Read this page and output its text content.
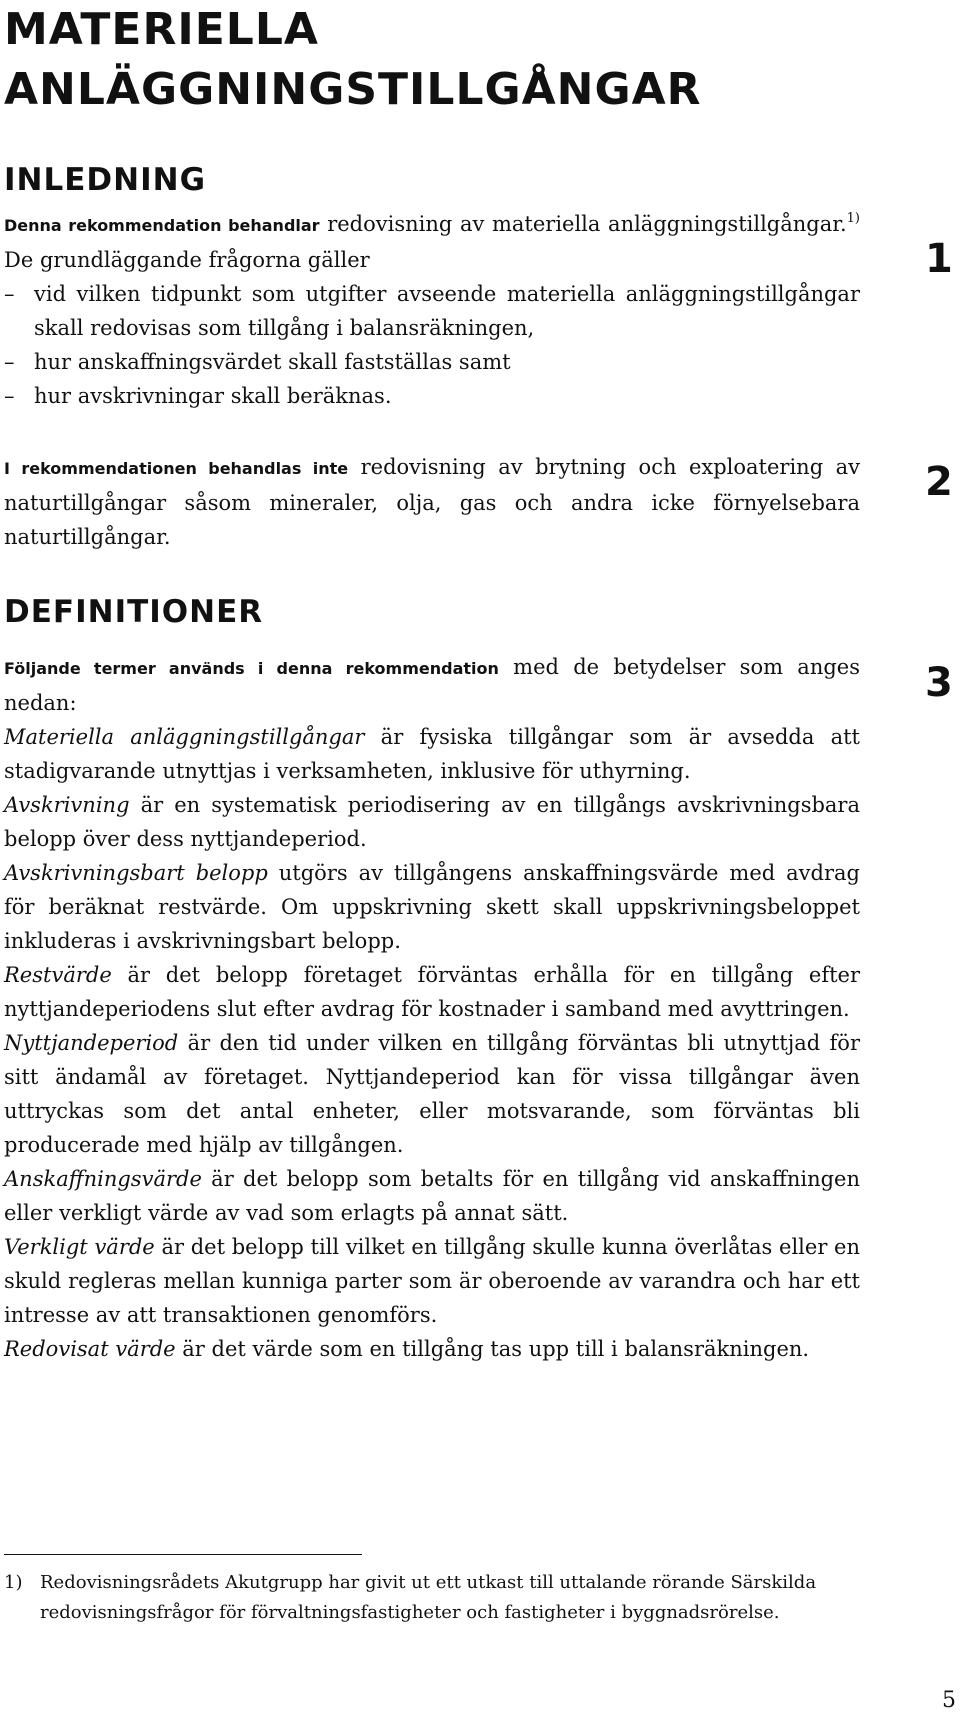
MATERIELLA
ANLÄGGNINGSTILLGÅNGAR
INLEDNING
Denna rekommendation behandlar redovisning av materiella anläggningstillgångar.$^{1)}$ De grundläggande frågorna gäller
– vid vilken tidpunkt som utgifter avseende materiella anläggningstillgångar skall redovisas som tillgång i balansräkningen,
– hur anskaffningsvärdet skall fastställas samt
– hur avskrivningar skall beräknas.
I rekommendationen behandlas inte redovisning av brytning och exploatering av naturtillgångar såsom mineraler, olja, gas och andra icke förnyelsebara naturtillgångar.
DEFINITIONER
Följande termer används i denna rekommendation med de betydelser som anges nedan:
Materiella anläggningstillgångar är fysiska tillgångar som är avsedda att stadigvarande utnyttjas i verksamheten, inklusive för uthyrning.
Avskrivning är en systematisk periodisering av en tillgångs avskrivningsbara belopp över dess nyttjandeperiod.
Avskrivningsbart belopp utgörs av tillgångens anskaffningsvärde med avdrag för beräknat restvärde. Om uppskrivning skett skall uppskrivningsbeloppet inkluderas i avskrivningsbart belopp.
Restvärde är det belopp företaget förväntas erhålla för en tillgång efter nyttjandeperiodens slut efter avdrag för kostnader i samband med avyttringen.
Nyttjandeperiod är den tid under vilken en tillgång förväntas bli utnyttjad för sitt ändamål av företaget. Nyttjandeperiod kan för vissa tillgångar även uttryckas som det antal enheter, eller motsvarande, som förväntas bli producerade med hjälp av tillgången.
Anskaffningsvärde är det belopp som betalts för en tillgång vid anskaffningen eller verkligt värde av vad som erlagts på annat sätt.
Verkligt värde är det belopp till vilket en tillgång skulle kunna överlåtas eller en skuld regleras mellan kunniga parter som är oberoende av varandra och har ett intresse av att transaktionen genomförs.
Redovisat värde är det värde som en tillgång tas upp till i balansräkningen.
1
2
3
1) Redovisningsrådets Akutgrupp har givit ut ett utkast till uttalande rörande Särskilda redovisningsfrågor för förvaltningsfastigheter och fastigheter i byggnadsrörelse.
5
